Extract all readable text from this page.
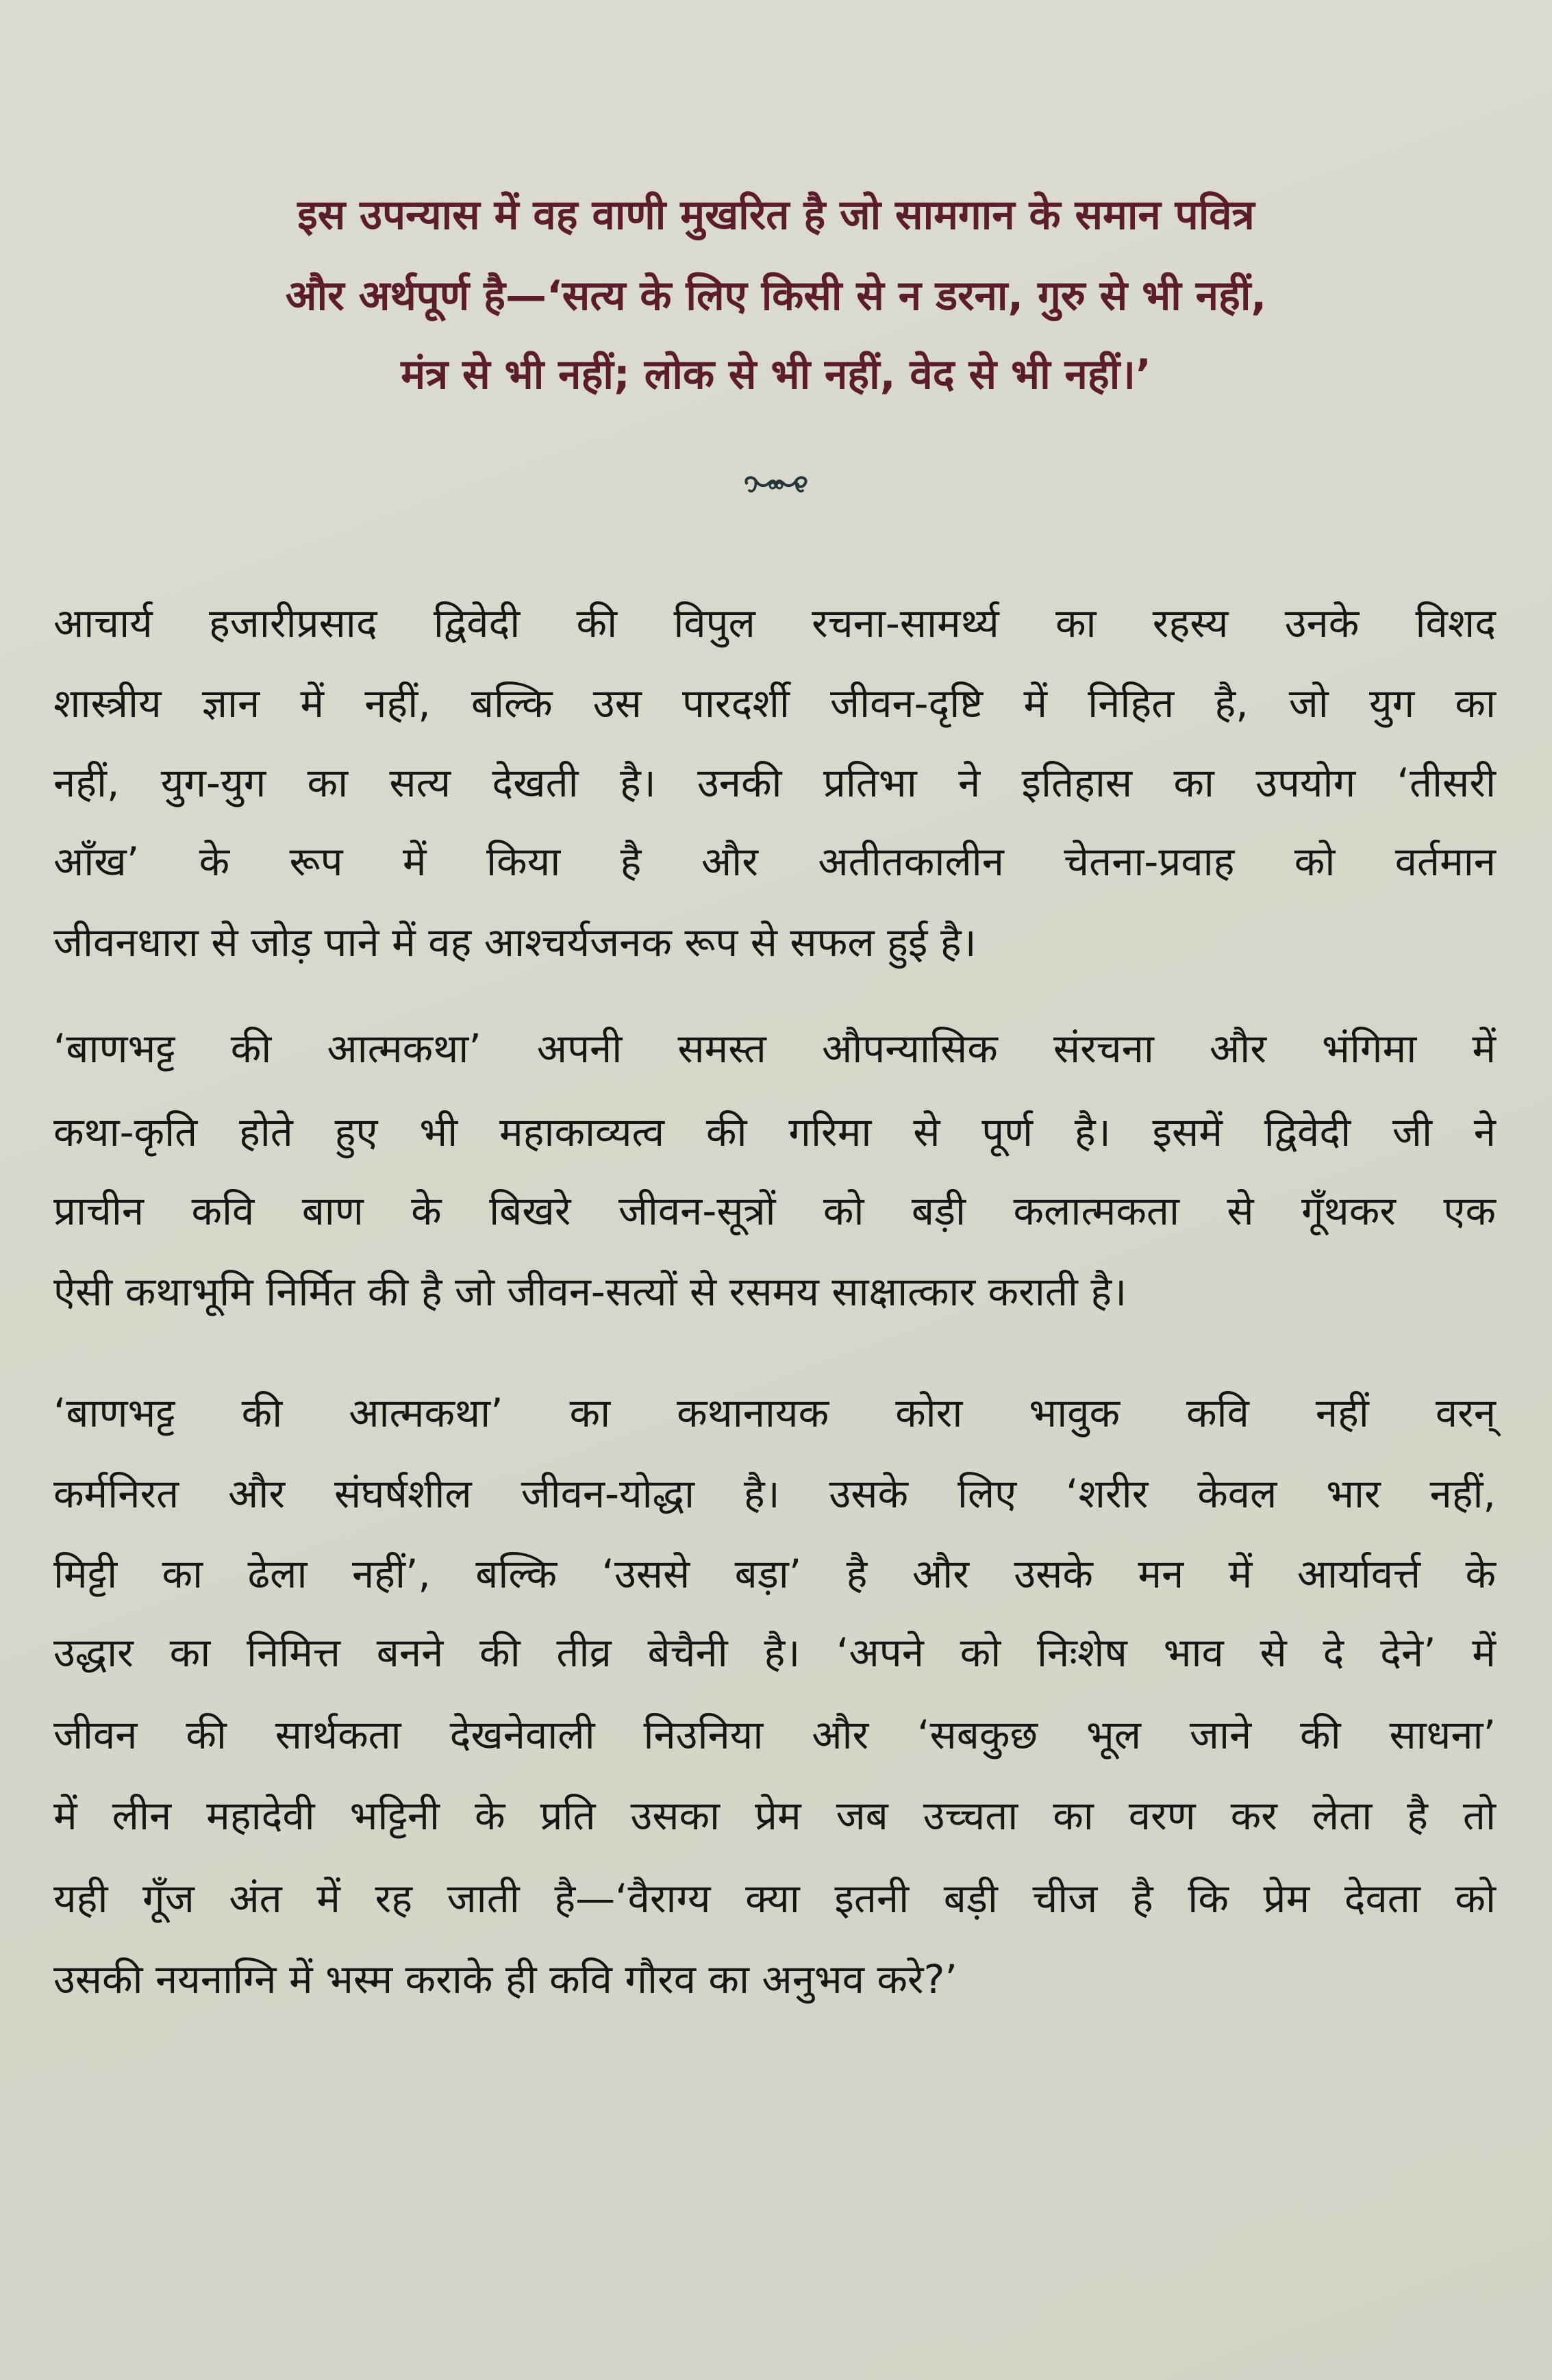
इस उपन्यास में वह वाणी मुखरित है जो सामगान के समान पवित्र
और अर्थपूर्ण है—‘सत्य के लिए किसी से न डरना, गुरु से भी नहीं,
मंत्र से भी नहीं; लोक से भी नहीं, वेद से भी नहीं।’
आचार्य हजारीप्रसाद द्विवेदी की विपुल रचना-सामर्थ्य का रहस्य उनके विशद
शास्त्रीय ज्ञान में नहीं, बल्कि उस पारदर्शी जीवन-दृष्टि में निहित है, जो युग का
नहीं, युग-युग का सत्य देखती है। उनकी प्रतिभा ने इतिहास का उपयोग ‘तीसरी
आँख’ के रूप में किया है और अतीतकालीन चेतना-प्रवाह को वर्तमान
जीवनधारा से जोड़ पाने में वह आश्चर्यजनक रूप से सफल हुई है।
‘बाणभट्ट की आत्मकथा’ अपनी समस्त औपन्यासिक संरचना और भंगिमा में
कथा-कृति होते हुए भी महाकाव्यत्व की गरिमा से पूर्ण है। इसमें द्विवेदी जी ने
प्राचीन कवि बाण के बिखरे जीवन-सूत्रों को बड़ी कलात्मकता से गूँथकर एक
ऐसी कथाभूमि निर्मित की है जो जीवन-सत्यों से रसमय साक्षात्कार कराती है।
‘बाणभट्ट की आत्मकथा’ का कथानायक कोरा भावुक कवि नहीं वरन्
कर्मनिरत और संघर्षशील जीवन-योद्धा है। उसके लिए ‘शरीर केवल भार नहीं,
मिट्टी का ढेला नहीं’, बल्कि ‘उससे बड़ा’ है और उसके मन में आर्यावर्त्त के
उद्धार का निमित्त बनने की तीव्र बेचैनी है। ‘अपने को निःशेष भाव से दे देने’ में
जीवन की सार्थकता देखनेवाली निउनिया और ‘सबकुछ भूल जाने की साधना’
में लीन महादेवी भट्टिनी के प्रति उसका प्रेम जब उच्चता का वरण कर लेता है तो
यही गूँज अंत में रह जाती है—‘वैराग्य क्या इतनी बड़ी चीज है कि प्रेम देवता को
उसकी नयनाग्नि में भस्म कराके ही कवि गौरव का अनुभव करे?’
